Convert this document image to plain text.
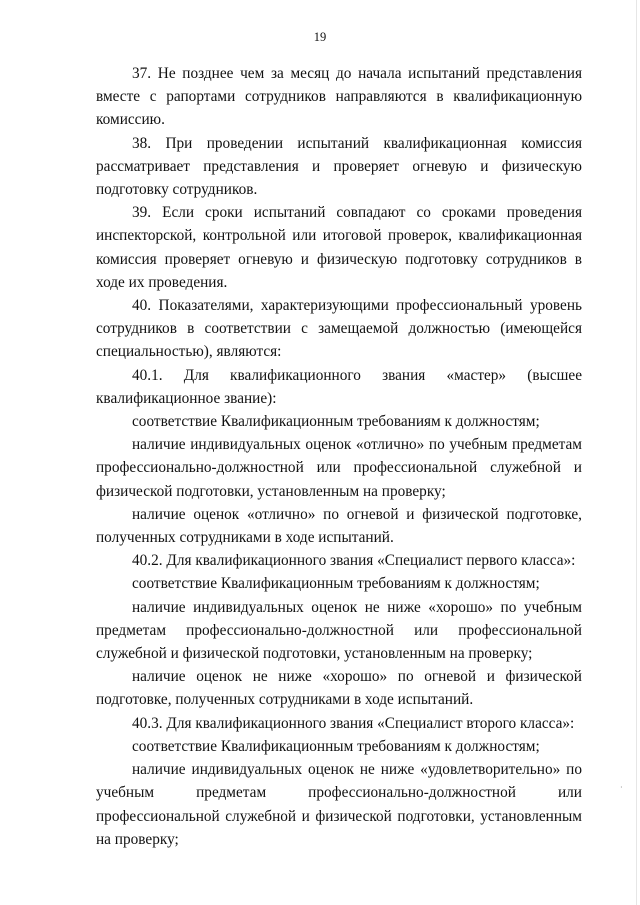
19

37. Не позднее чем за месяц до начала испытаний представления вместе с рапортами сотрудников направляются в квалификационную комиссию.

38. При проведении испытаний квалификационная комиссия рассматривает представления и проверяет огневую и физическую подготовку сотрудников.

39. Если сроки испытаний совпадают со сроками проведения инспекторской, контрольной или итоговой проверок, квалификационная комиссия проверяет огневую и физическую подготовку сотрудников в ходе их проведения.

40. Показателями, характеризующими профессиональный уровень сотрудников в соответствии с замещаемой должностью (имеющейся специальностью), являются:

40.1. Для квалификационного звания «мастер» (высшее квалификационное звание):

соответствие Квалификационным требованиям к должностям;

наличие индивидуальных оценок «отлично» по учебным предметам профессионально-должностной или профессиональной служебной и физической подготовки, установленным на проверку;

наличие оценок «отлично» по огневой и физической подготовке, полученных сотрудниками в ходе испытаний.

40.2. Для квалификационного звания «Специалист первого класса»:

соответствие Квалификационным требованиям к должностям;

наличие индивидуальных оценок не ниже «хорошо» по учебным предметам профессионально-должностной или профессиональной служебной и физической подготовки, установленным на проверку;

наличие оценок не ниже «хорошо» по огневой и физической подготовке, полученных сотрудниками в ходе испытаний.

40.3. Для квалификационного звания «Специалист второго класса»:

соответствие Квалификационным требованиям к должностям;

наличие индивидуальных оценок не ниже «удовлетворительно» по учебным предметам профессионально-должностной или профессиональной служебной и физической подготовки, установленным на проверку;

·
